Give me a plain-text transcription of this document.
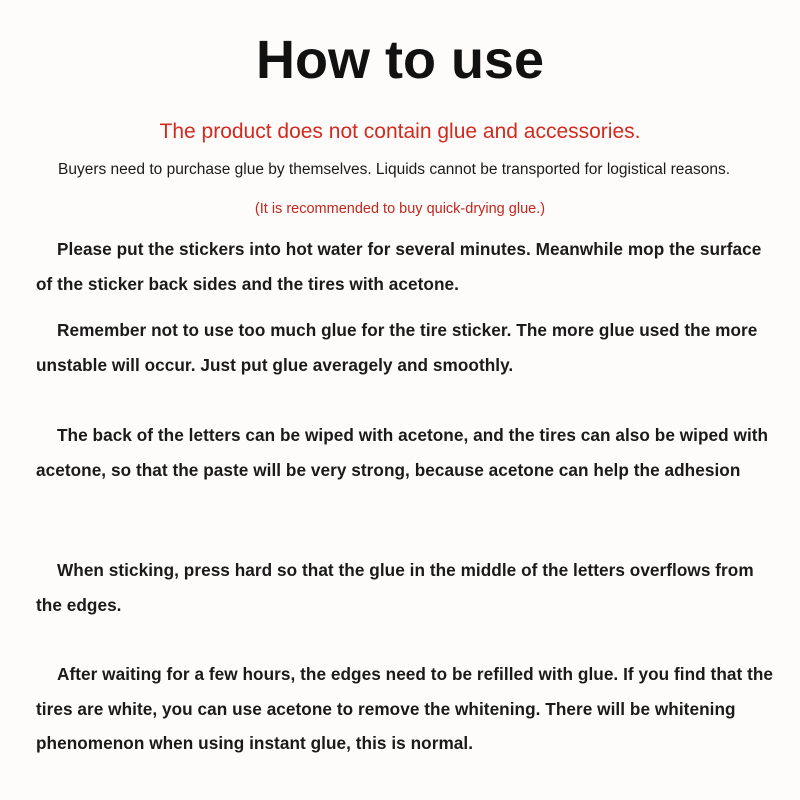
How to use
The product does not contain glue and accessories.
Buyers need to purchase glue by themselves. Liquids cannot be transported for logistical reasons.
(It is recommended to buy quick-drying glue.)
Please put the stickers into hot water for several minutes. Meanwhile mop the surface of the sticker back sides and the tires with acetone.
Remember not to use too much glue for the tire sticker. The more glue used the more unstable will occur. Just put glue averagely and smoothly.
The back of the letters can be wiped with acetone, and the tires can also be wiped with acetone, so that the paste will be very strong, because acetone can help the adhesion
When sticking, press hard so that the glue in the middle of the letters overflows from the edges.
After waiting for a few hours, the edges need to be refilled with glue. If you find that the tires are white, you can use acetone to remove the whitening. There will be whitening phenomenon when using instant glue, this is normal.
